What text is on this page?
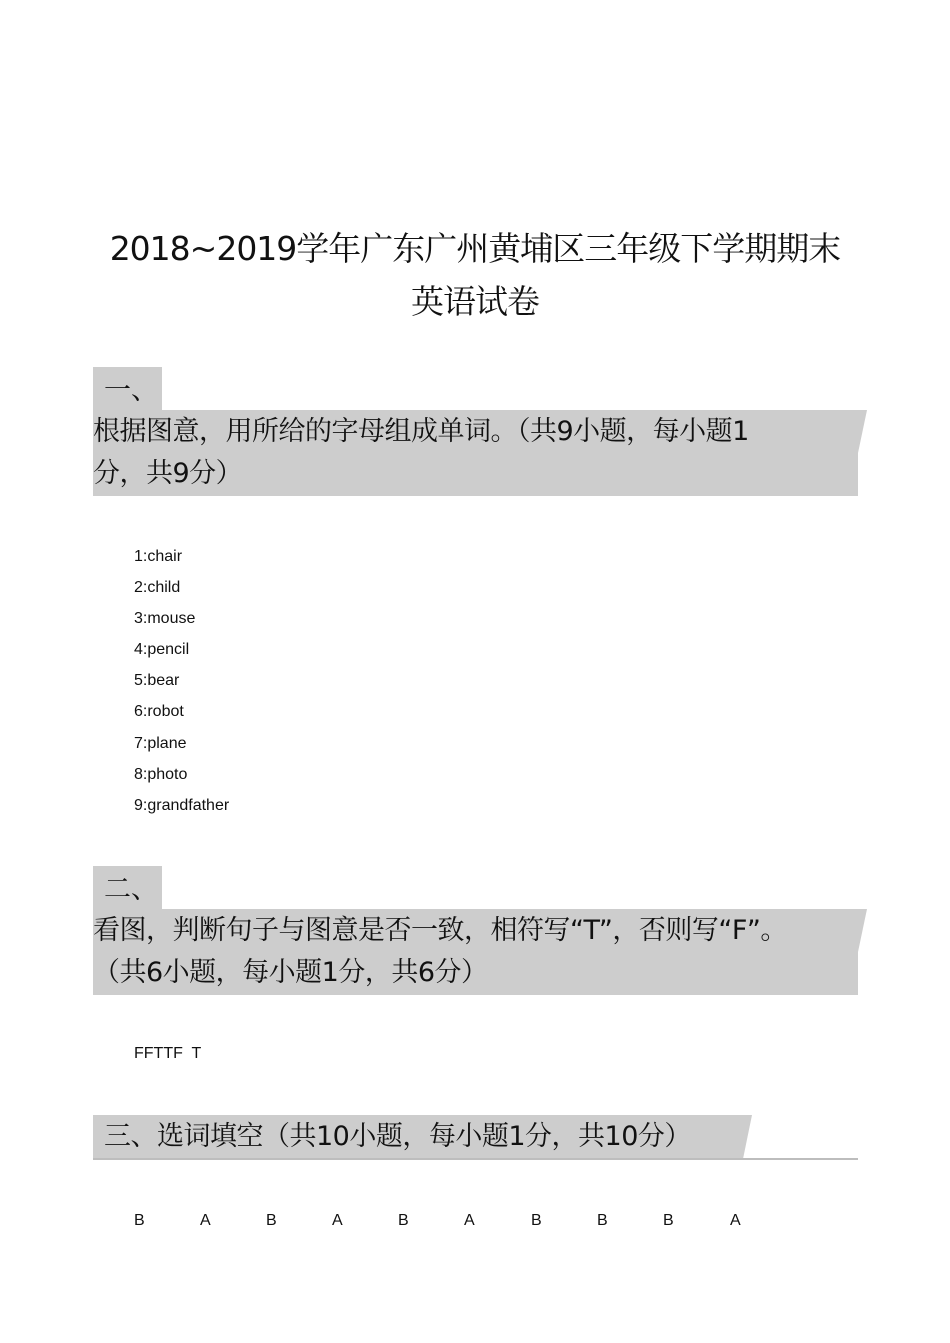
2018~2019学年广东广州黄埔区三年级下学期期末
英语试卷
一、
根据图意，用所给的字母组成单词。（共9小题，每小题1
分，共9分）
1:chair
2:child
3:mouse
4:pencil
5:bear
6:robot
7:plane
8:photo
9:grandfather
二、
看图，判断句子与图意是否一致，相符写“T”，否则写“F”。
（共6小题，每小题1分，共6分）
FFTTF  T
三、选词填空（共10小题，每小题1分，共10分）
B	A	B	A	B	A	B	B	B	A
